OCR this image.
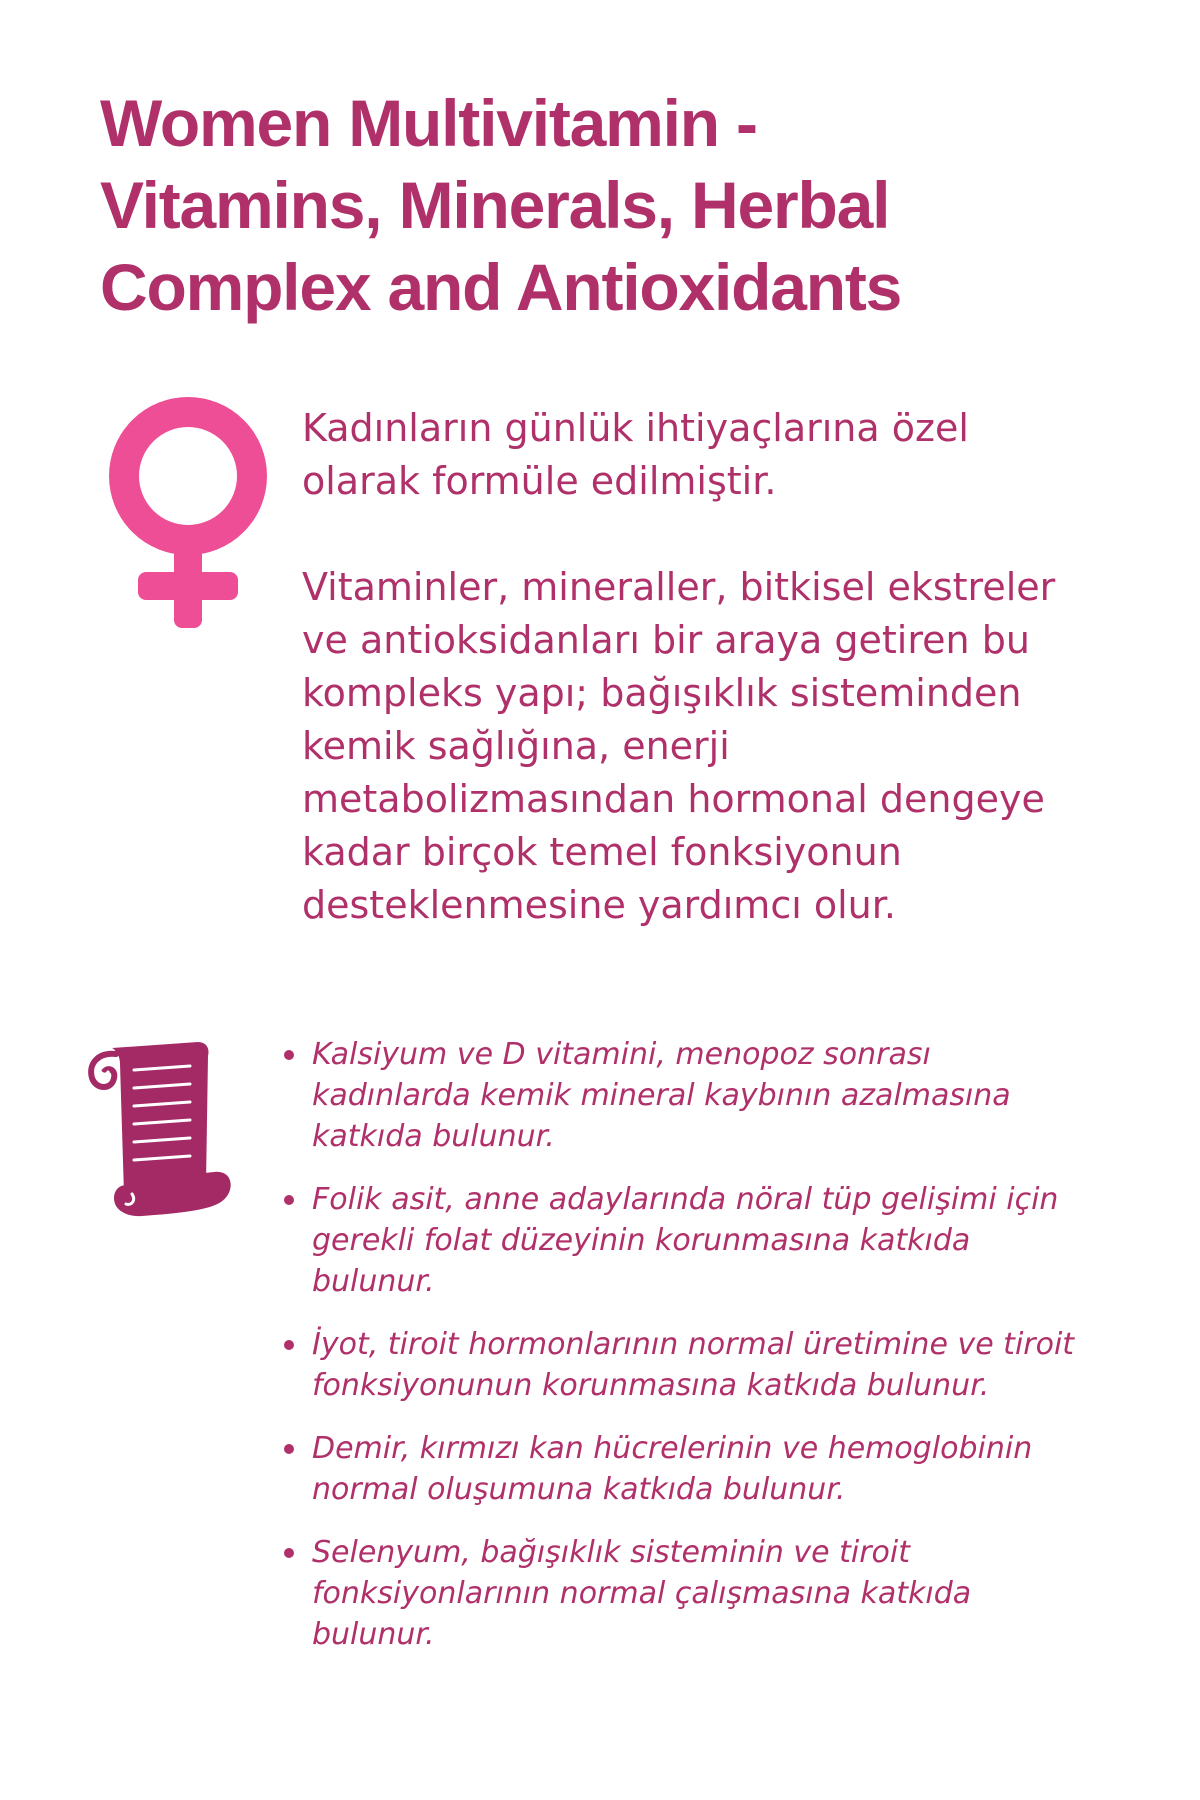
Women Multivitamin -
Vitamins, Minerals, Herbal
Complex and Antioxidants
Kadınların günlük ihtiyaçlarına özel
olarak formüle edilmiştir.
Vitaminler, mineraller, bitkisel ekstreler
ve antioksidanları bir araya getiren bu
kompleks yapı; bağışıklık sisteminden
kemik sağlığına, enerji
metabolizmasından hormonal dengeye
kadar birçok temel fonksiyonun
desteklenmesine yardımcı olur.
Kalsiyum ve D vitamini, menopoz sonrası
kadınlarda kemik mineral kaybının azalmasına
katkıda bulunur.
Folik asit, anne adaylarında nöral tüp gelişimi için
gerekli folat düzeyinin korunmasına katkıda
bulunur.
İyot, tiroit hormonlarının normal üretimine ve tiroit
fonksiyonunun korunmasına katkıda bulunur.
Demir, kırmızı kan hücrelerinin ve hemoglobinin
normal oluşumuna katkıda bulunur.
Selenyum, bağışıklık sisteminin ve tiroit
fonksiyonlarının normal çalışmasına katkıda
bulunur.
